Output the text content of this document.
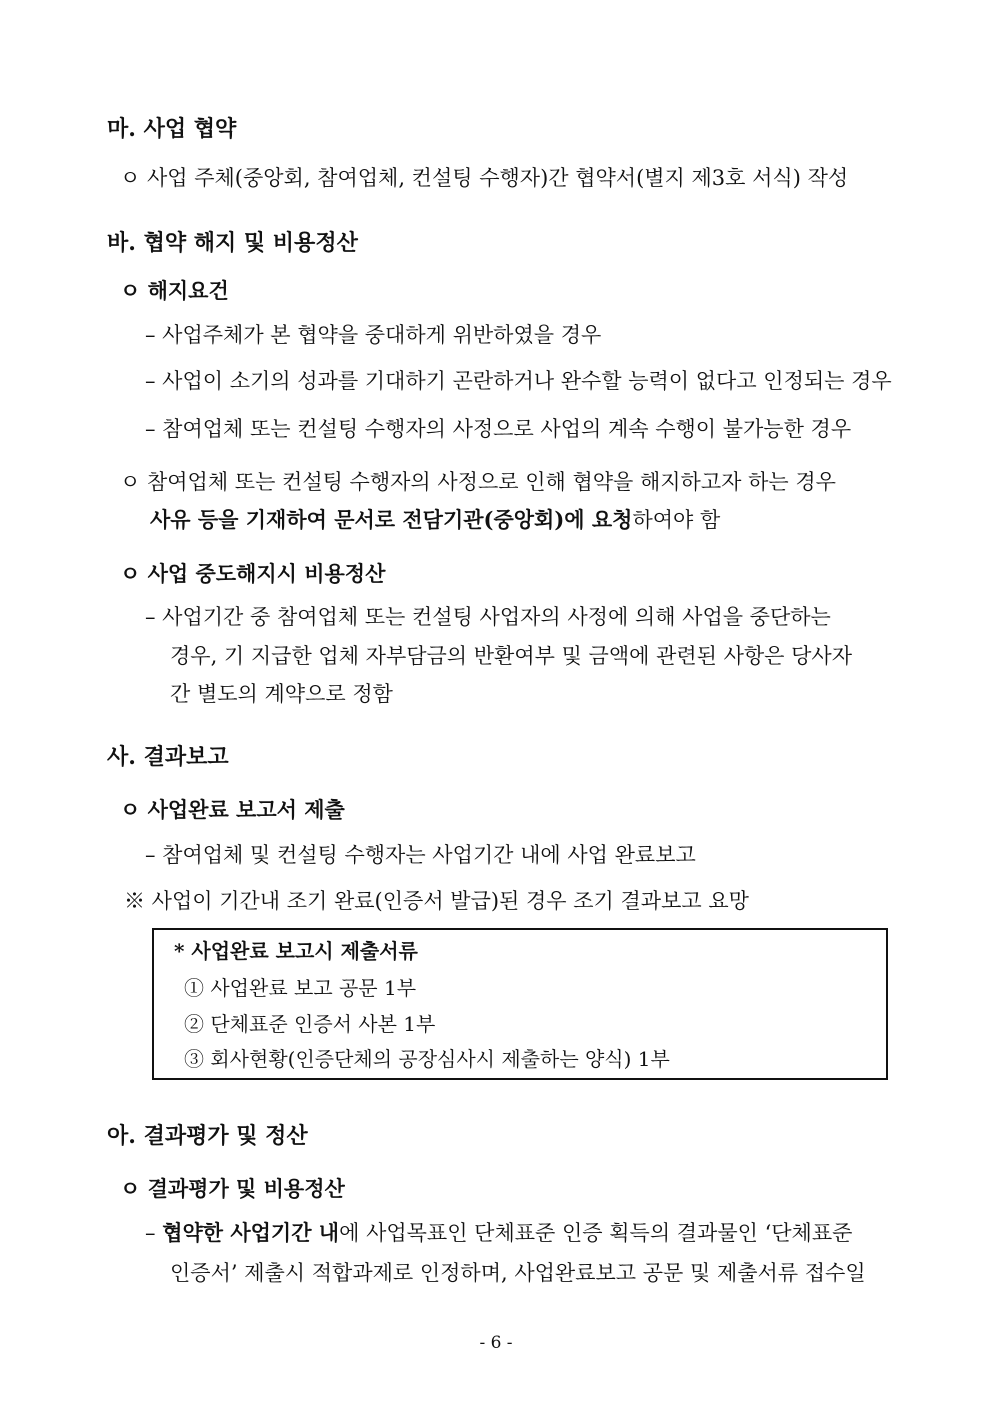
마. 사업 협약
ㅇ 사업 주체(중앙회, 참여업체, 컨설팅 수행자)간 협약서(별지 제3호 서식) 작성
바. 협약 해지 및 비용정산
ㅇ 해지요건
– 사업주체가 본 협약을 중대하게 위반하였을 경우
– 사업이 소기의 성과를 기대하기 곤란하거나 완수할 능력이 없다고 인정되는 경우
– 참여업체 또는 컨설팅 수행자의 사정으로 사업의 계속 수행이 불가능한 경우
ㅇ 참여업체 또는 컨설팅 수행자의 사정으로 인해 협약을 해지하고자 하는 경우
사유 등을 기재하여 문서로 전담기관(중앙회)에 요청하여야 함
ㅇ 사업 중도해지시 비용정산
– 사업기간 중 참여업체 또는 컨설팅 사업자의 사정에 의해 사업을 중단하는
경우, 기 지급한 업체 자부담금의 반환여부 및 금액에 관련된 사항은 당사자
간 별도의 계약으로 정함
사. 결과보고
ㅇ 사업완료 보고서 제출
– 참여업체 및 컨설팅 수행자는 사업기간 내에 사업 완료보고
※ 사업이 기간내 조기 완료(인증서 발급)된 경우 조기 결과보고 요망
* 사업완료 보고시 제출서류
① 사업완료 보고 공문 1부
② 단체표준 인증서 사본 1부
③ 회사현황(인증단체의 공장심사시 제출하는 양식) 1부
아. 결과평가 및 정산
ㅇ 결과평가 및 비용정산
– 협약한 사업기간 내에 사업목표인 단체표준 인증 획득의 결과물인 ‘단체표준
인증서’ 제출시 적합과제로 인정하며, 사업완료보고 공문 및 제출서류 접수일
- 6 -
